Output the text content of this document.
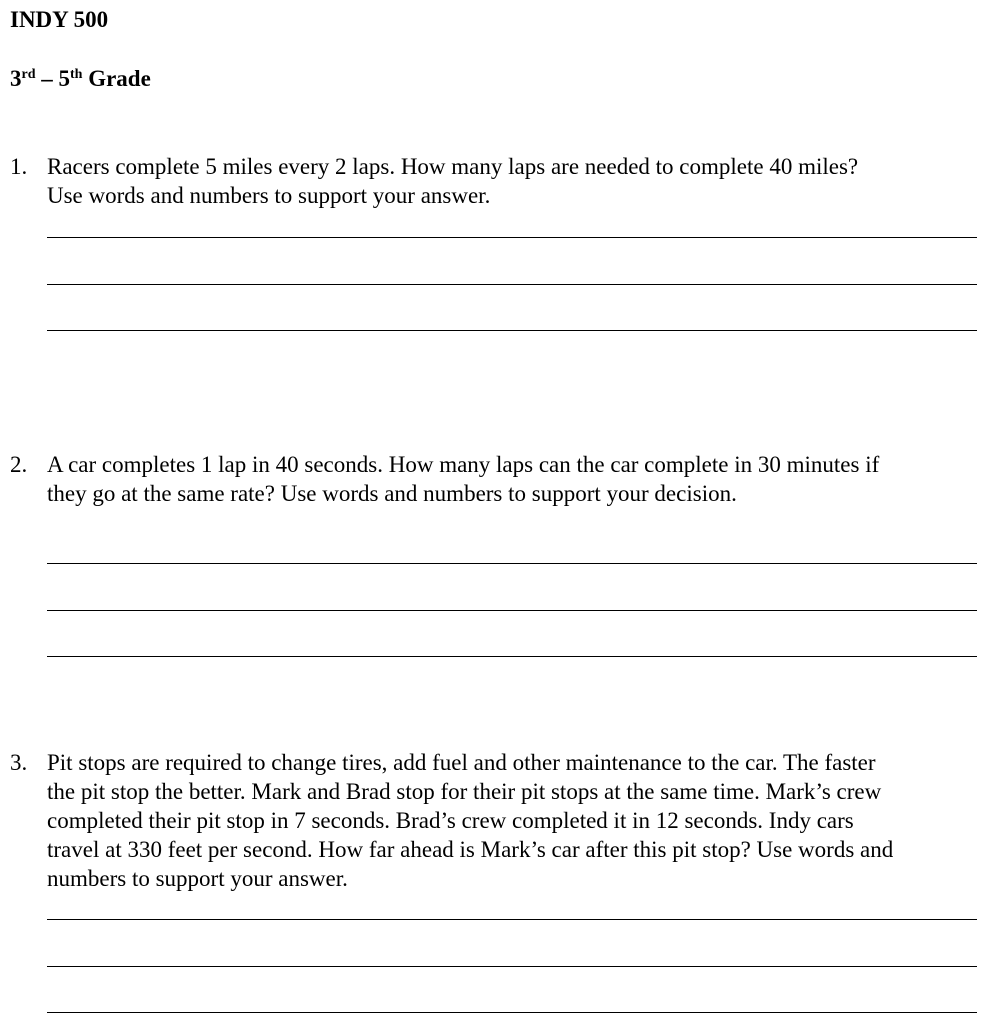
INDY 500
3rd – 5th Grade
1. Racers complete 5 miles every 2 laps. How many laps are needed to complete 40 miles?
Use words and numbers to support your answer.
2. A car completes 1 lap in 40 seconds. How many laps can the car complete in 30 minutes if
they go at the same rate? Use words and numbers to support your decision.
3. Pit stops are required to change tires, add fuel and other maintenance to the car. The faster
the pit stop the better. Mark and Brad stop for their pit stops at the same time. Mark’s crew
completed their pit stop in 7 seconds. Brad’s crew completed it in 12 seconds. Indy cars
travel at 330 feet per second. How far ahead is Mark’s car after this pit stop? Use words and
numbers to support your answer.
